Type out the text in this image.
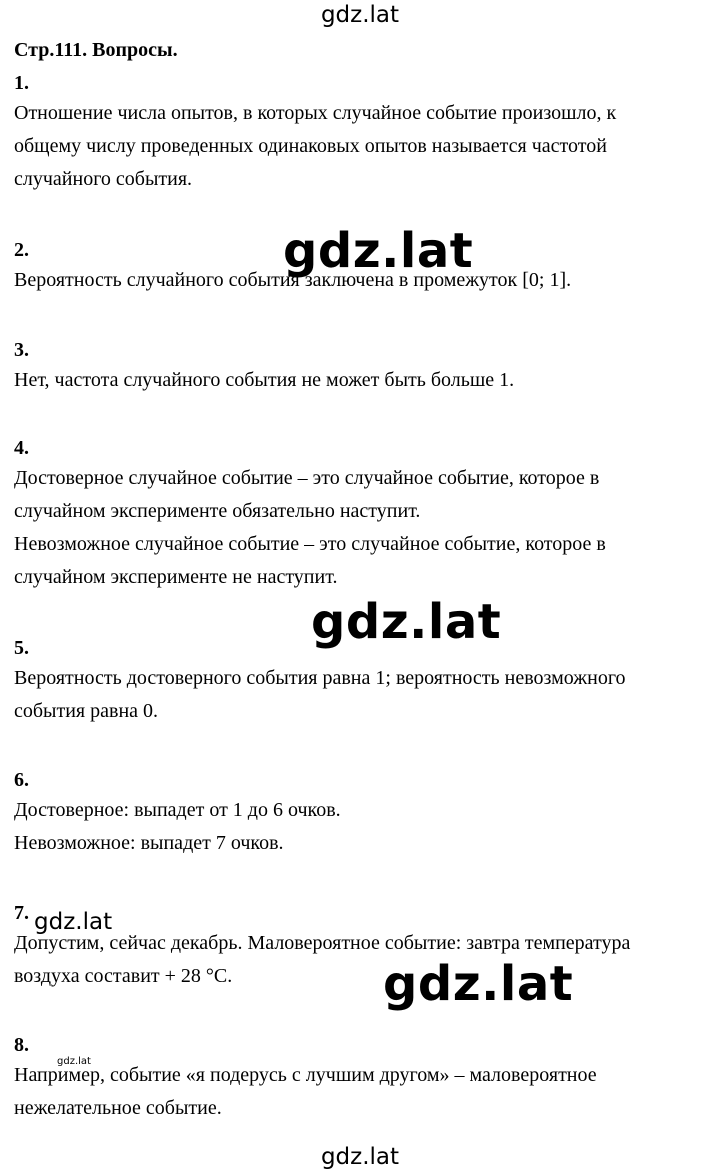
gdz.lat
Стр.111. Вопросы.
1.

Отношение числа опытов, в которых случайное событие произошло, к

общему числу проведенных одинаковых опытов называется частотой

случайного события.

2.

Вероятность случайного события заключена в промежуток [0; 1].

3.

Нет, частота случайного события не может быть больше 1.

4.

Достоверное случайное событие – это случайное событие, которое в

случайном эксперименте обязательно наступит.

Невозможное случайное событие – это случайное событие, которое в

случайном эксперименте не наступит.

5.

Вероятность достоверного события равна 1; вероятность невозможного

события равна 0.

6.

Достоверное: выпадет от 1 до 6 очков.

Невозможное: выпадет 7 очков.

7.

Допустим, сейчас декабрь. Маловероятное событие: завтра температура

воздуха составит + 28 °C.

8.

Например, событие «я подерусь с лучшим другом» – маловероятное

нежелательное событие.

gdz.lat
gdz.lat
gdz.lat
gdz.lat
gdz.lat
gdz.lat
